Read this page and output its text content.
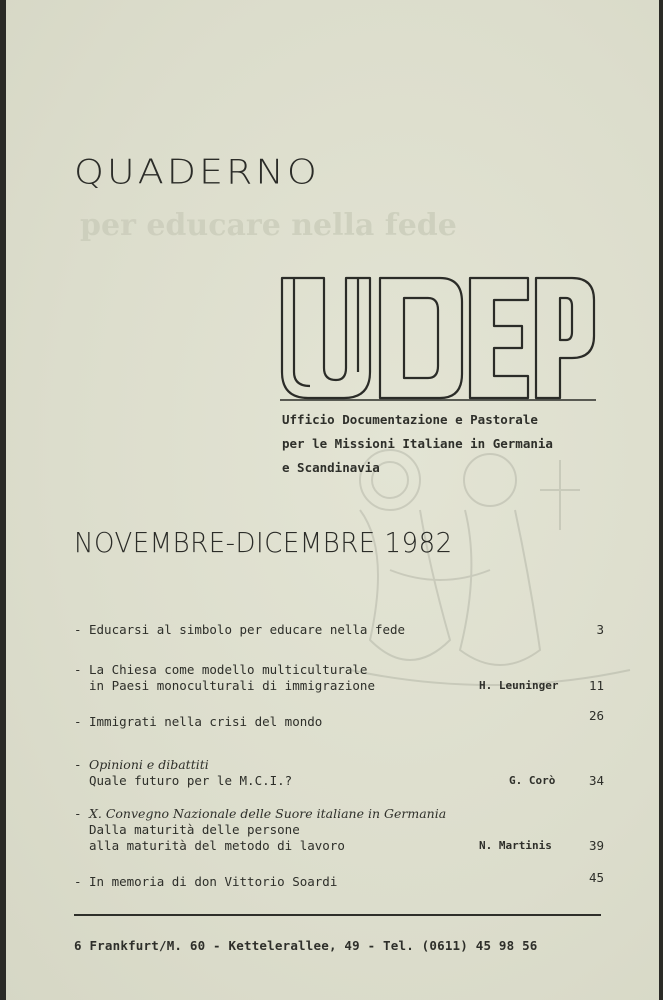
QUADERNO
per educare nella fede
Ufficio Documentazione e Pastorale
per le Missioni Italiane in Germania
e Scandinavia
NOVEMBRE-DICEMBRE 1982
- Educarsi al simbolo per educare nella fede	3
- La Chiesa come modello multiculturale
in Paesi monoculturali di immigrazione	H. Leuninger 11
- Immigrati nella crisi del mondo	26
- Opinioni e dibattiti
Quale futuro per le M.C.I.?	G. Corò	34
- X. Convegno Nazionale delle Suore italiane in Germania
Dalla maturità delle persone
alla maturità del metodo di lavoro	N. Martinis	39
- In memoria di don Vittorio Soardi	45
6 Frankfurt/M. 60 - Kettelerallee, 49 - Tel. (0611) 45 98 56
